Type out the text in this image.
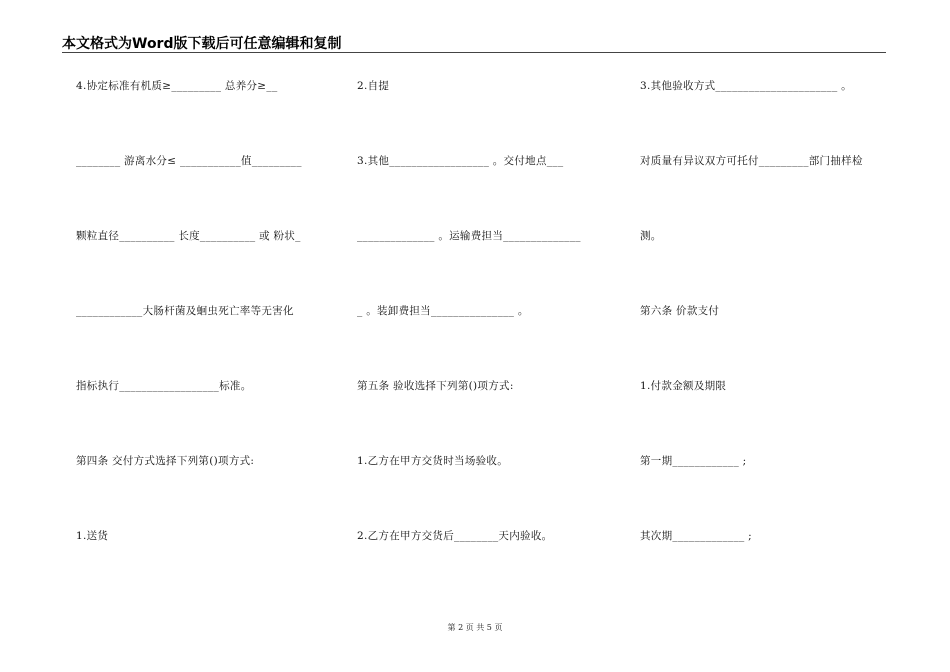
本文格式为Word版下载后可任意编辑和复制
4.协定标准有机质≥_________ 总养分≥__
________ 游离水分≤ ___________值_________
颗粒直径__________ 长度__________ 或 粉状_
____________大肠杆菌及蛔虫死亡率等无害化
指标执行__________________标准。
第四条 交付方式选择下列第()项方式:
1.送货
2.自提
3.其他__________________ 。交付地点___
______________ 。运输费担当______________
_ 。装卸费担当_______________ 。
第五条 验收选择下列第()项方式:
1.乙方在甲方交货时当场验收。
2.乙方在甲方交货后________天内验收。
3.其他验收方式______________________ 。
对质量有异议双方可托付_________部门抽样检
测。
第六条 价款支付
1.付款金额及期限
第一期____________ ;
其次期_____________ ;
第 2 页 共 5 页
